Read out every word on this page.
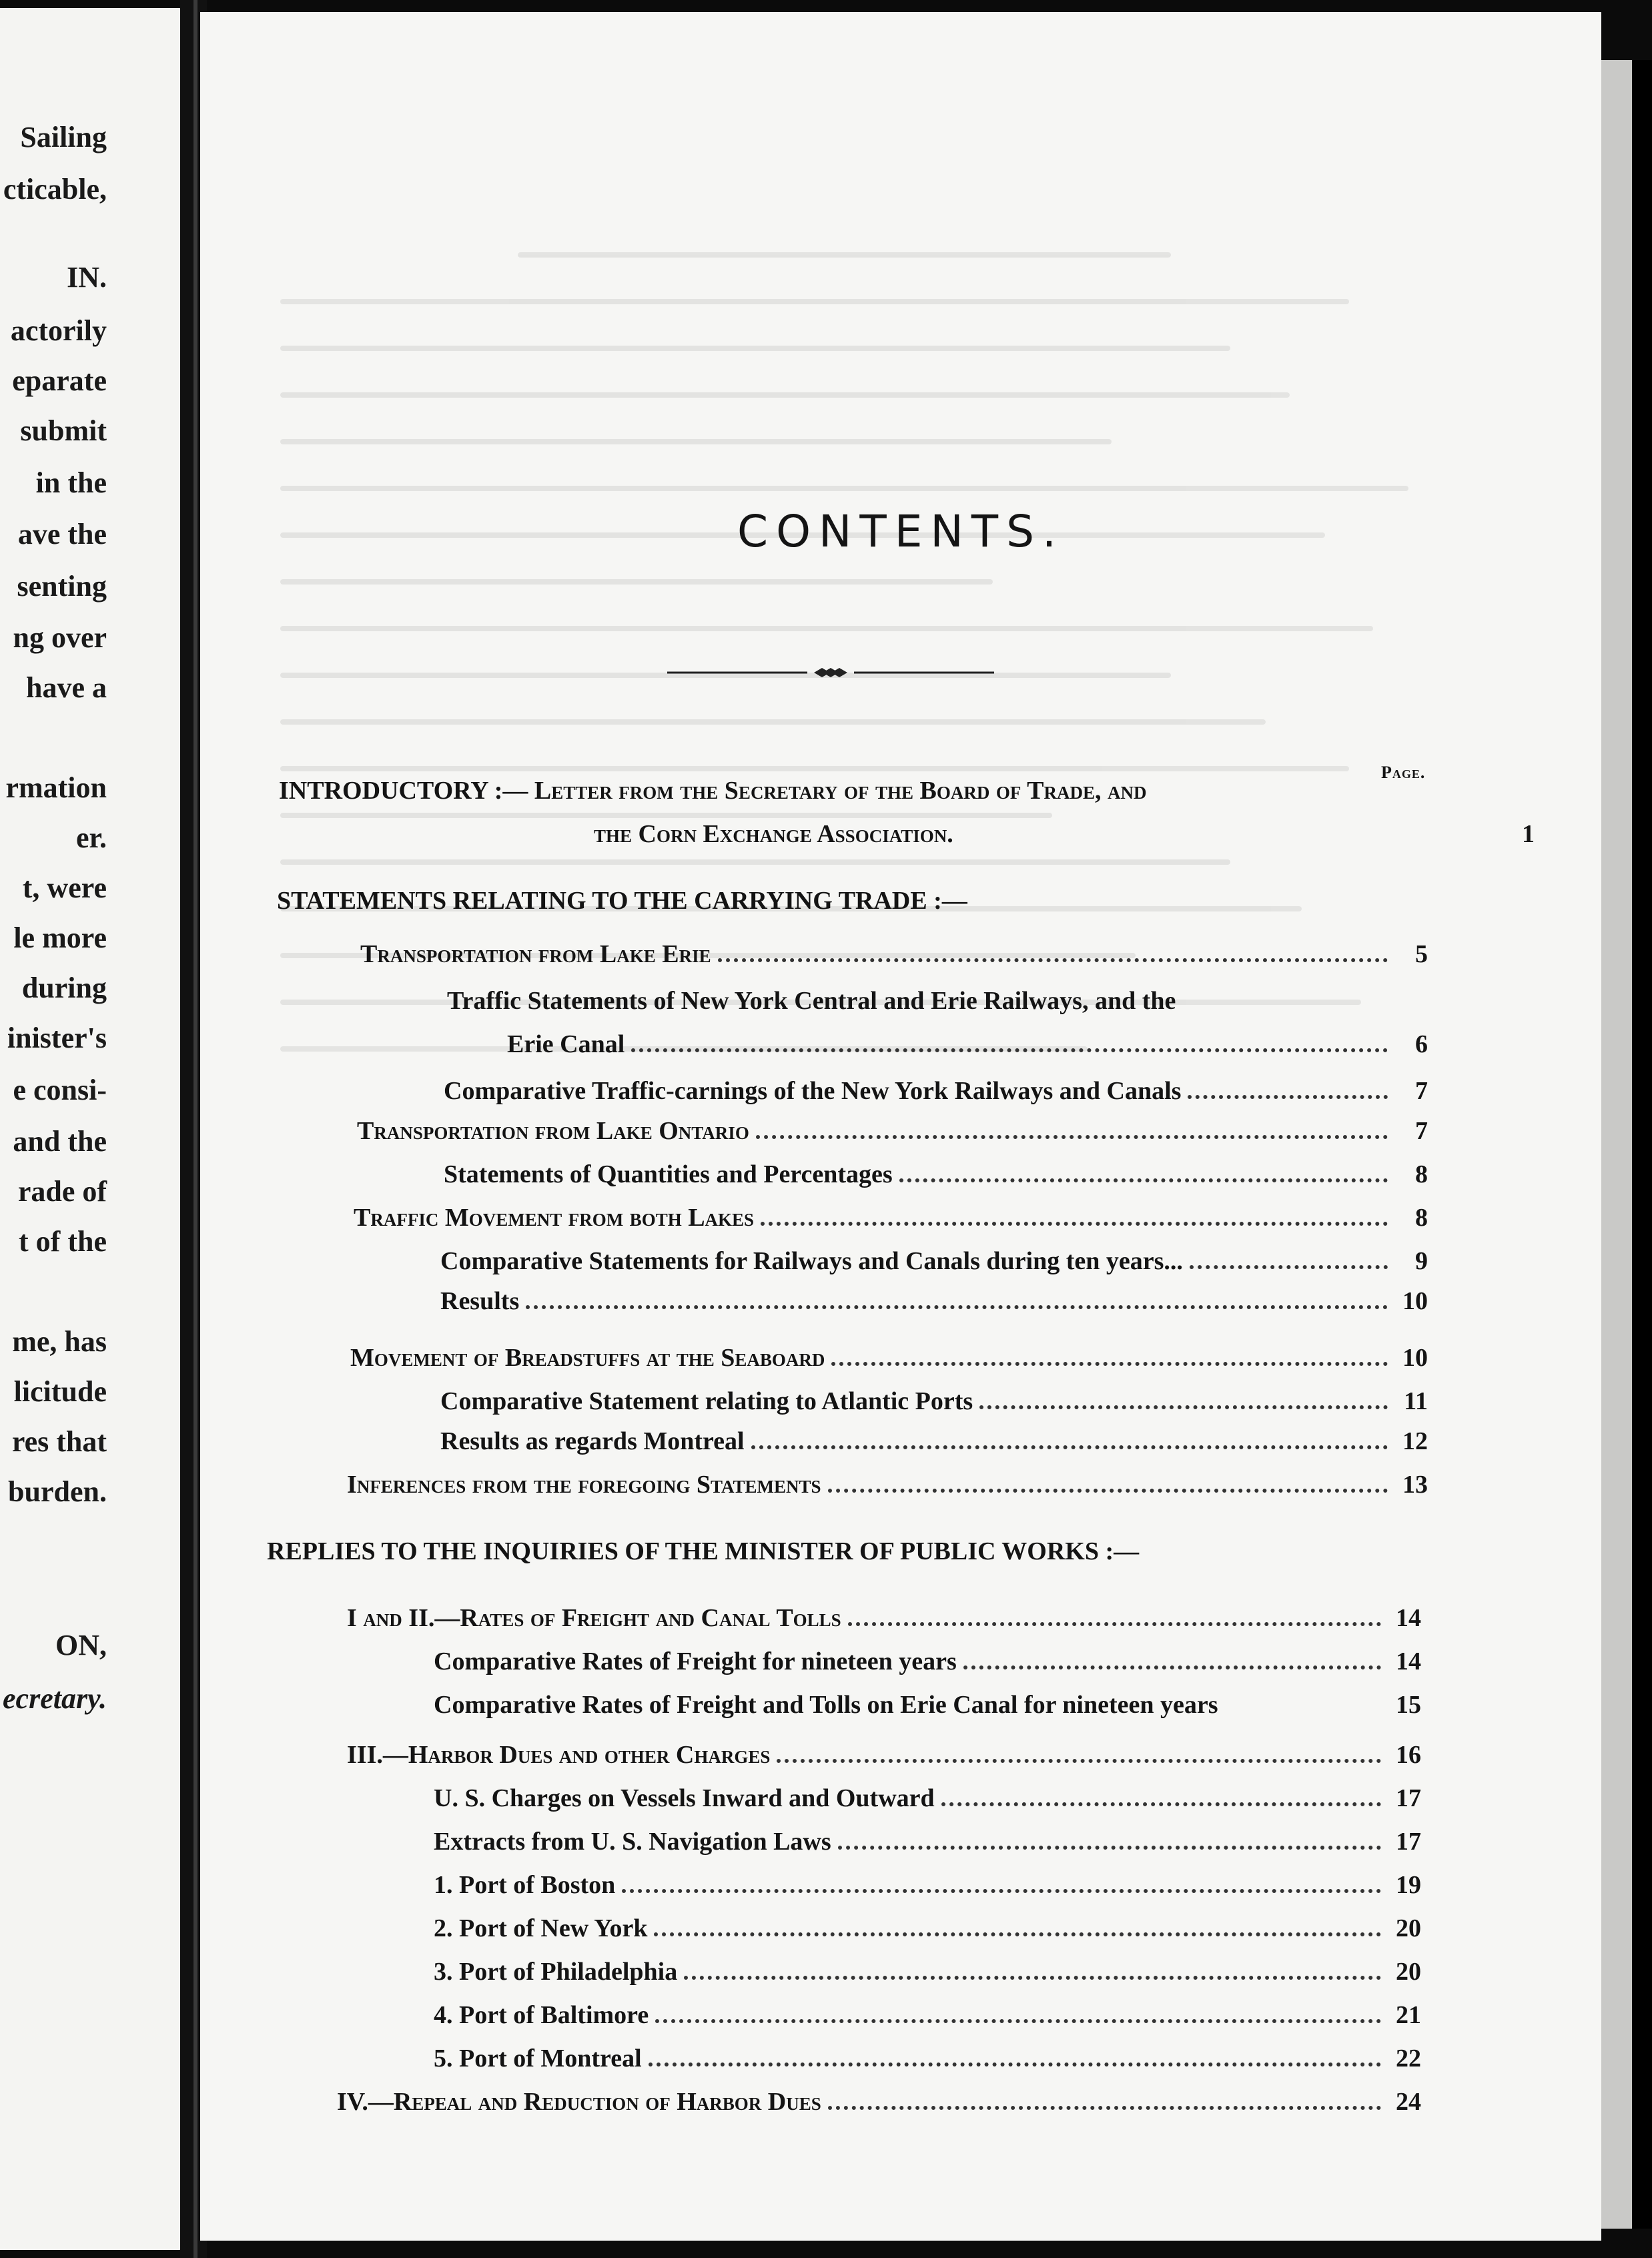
Sailing
cticable,
IN.
actorily
eparate
submit
in the
ave the
senting
ng over
have a
rmation
er.
t, were
le more
during
inister's
e consi-
and the
rade of
t of the
me, has
licitude
res that
burden.
ON,
ecretary.
CONTENTS.
Page.
INTRODUCTORY :— Letter from the Secretary of the Board of Trade, and
the Corn Exchange Association.	1
STATEMENTS RELATING TO THE CARRYING TRADE :—
Transportation from Lake Erie	5
Traffic Statements of New York Central and Erie Railways, and the
Erie Canal	6
Comparative Traffic-carnings of the New York Railways and Canals	7
Transportation from Lake Ontario	7
Statements of Quantities and Percentages	8
Traffic Movement from both Lakes	8
Comparative Statements for Railways and Canals during ten years...	9
Results	10
Movement of Breadstuffs at the Seaboard	10
Comparative Statement relating to Atlantic Ports	11
Results as regards Montreal	12
Inferences from the foregoing Statements	13
REPLIES TO THE INQUIRIES OF THE MINISTER OF PUBLIC WORKS :—
I and II.—Rates of Freight and Canal Tolls	14
Comparative Rates of Freight for nineteen years	14
Comparative Rates of Freight and Tolls on Erie Canal for nineteen years	15
III.—Harbor Dues and other Charges	16
U. S. Charges on Vessels Inward and Outward	17
Extracts from U. S. Navigation Laws	17
1. Port of Boston	19
2. Port of New York	20
3. Port of Philadelphia	20
4. Port of Baltimore	21
5. Port of Montreal	22
IV.—Repeal and Reduction of Harbor Dues	24
